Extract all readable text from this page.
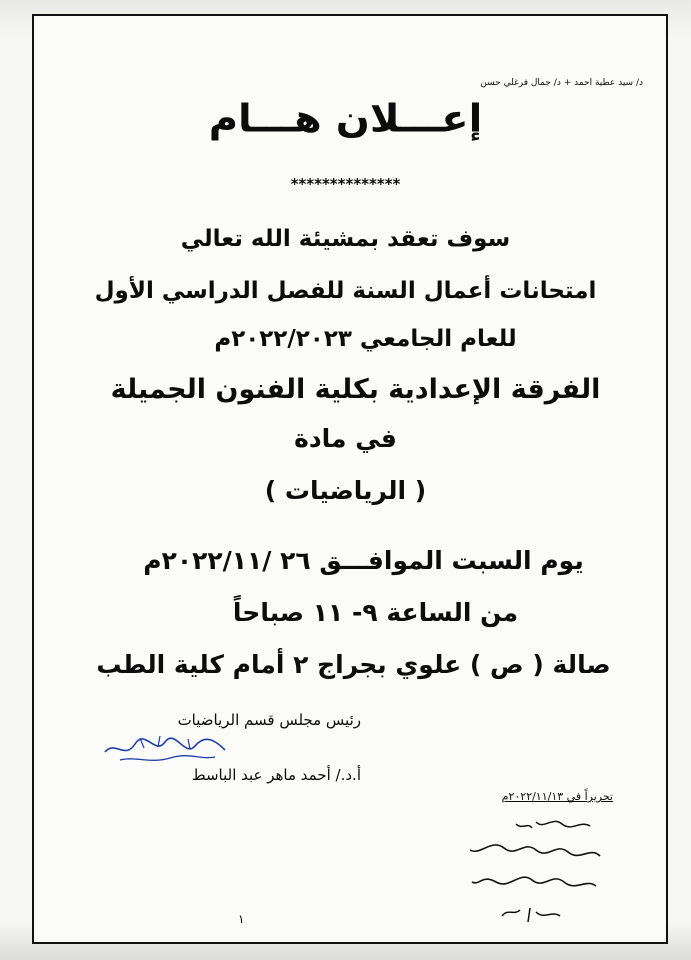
د/ سيد عطية احمد + د/ جمال فرغلي حسن
إعـــلان هـــام
**************
سوف تعقد بمشيئة الله تعالي
امتحانات أعمال السنة للفصل الدراسي الأول
للعام الجامعي ٢٠٢٢/٢٠٢٣م
الفرقة الإعدادية بكلية الفنون الجميلة
في مادة
( الرياضيات )
يوم السبت الموافـــق ٢٦ /٢٠٢٢/١١م
من الساعة ٩- ١١ صباحاً
صالة ( ص ) علوي بجراج ٢ أمام كلية الطب
رئيس مجلس قسم الرياضيات
أ.د./ أحمد ماهر عبد الباسط
تحريراً في ٢٠٢٢/١١/١٣م
١
